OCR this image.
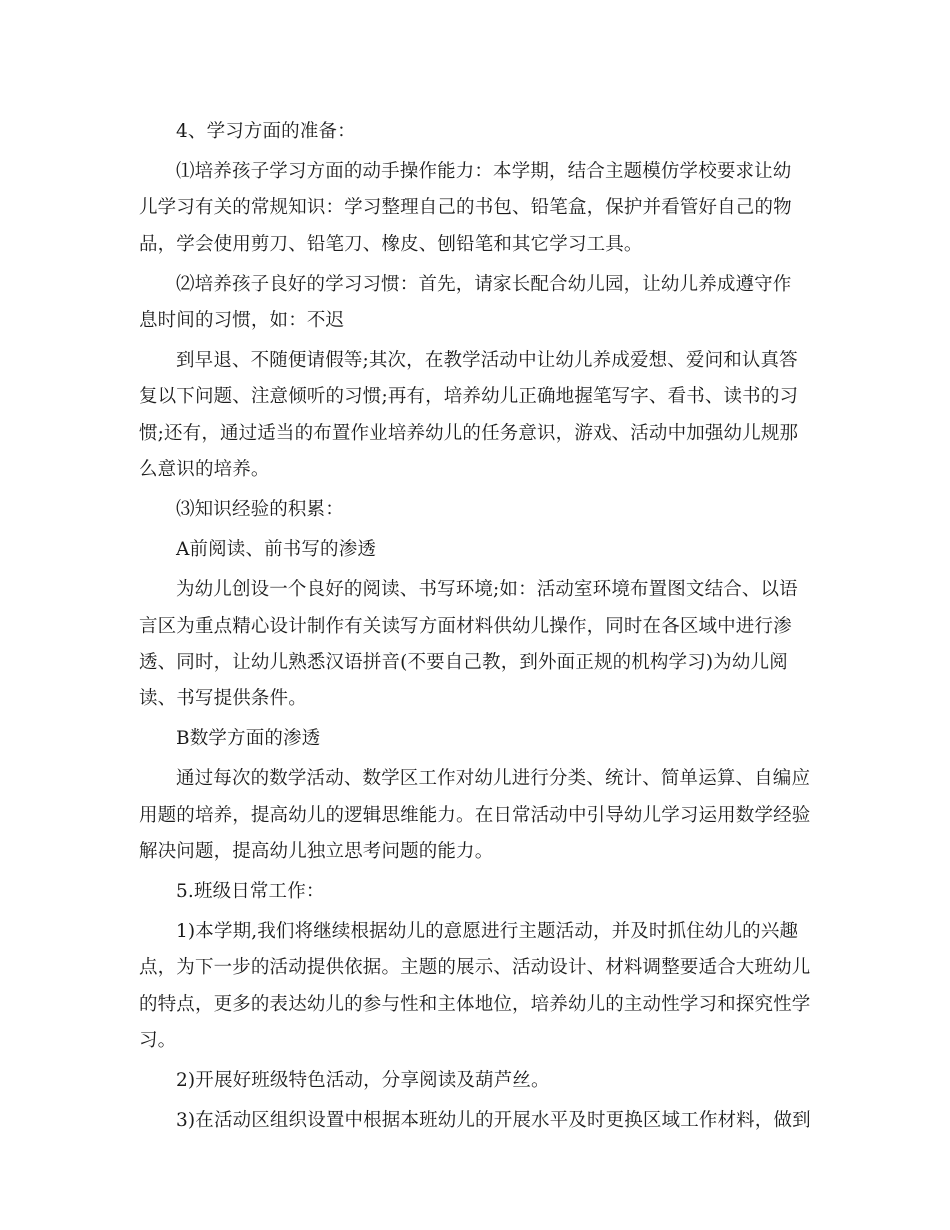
4、学习方面的准备：
⑴培养孩子学习方面的动手操作能力：本学期，结合主题模仿学校要求让幼
儿学习有关的常规知识：学习整理自己的书包、铅笔盒，保护并看管好自己的物
品，学会使用剪刀、铅笔刀、橡皮、刨铅笔和其它学习工具。
⑵培养孩子良好的学习习惯：首先，请家长配合幼儿园，让幼儿养成遵守作
息时间的习惯，如：不迟
到早退、不随便请假等;其次，在教学活动中让幼儿养成爱想、爱问和认真答
复以下问题、注意倾听的习惯;再有，培养幼儿正确地握笔写字、看书、读书的习
惯;还有，通过适当的布置作业培养幼儿的任务意识，游戏、活动中加强幼儿规那
么意识的培养。
⑶知识经验的积累：
A前阅读、前书写的渗透
为幼儿创设一个良好的阅读、书写环境;如：活动室环境布置图文结合、以语
言区为重点精心设计制作有关读写方面材料供幼儿操作，同时在各区域中进行渗
透、同时，让幼儿熟悉汉语拼音(不要自己教，到外面正规的机构学习)为幼儿阅
读、书写提供条件。
B数学方面的渗透
通过每次的数学活动、数学区工作对幼儿进行分类、统计、简单运算、自编应
用题的培养，提高幼儿的逻辑思维能力。在日常活动中引导幼儿学习运用数学经验
解决问题，提高幼儿独立思考问题的能力。
5.班级日常工作：
1)本学期,我们将继续根据幼儿的意愿进行主题活动，并及时抓住幼儿的兴趣
点，为下一步的活动提供依据。主题的展示、活动设计、材料调整要适合大班幼儿
的特点，更多的表达幼儿的参与性和主体地位，培养幼儿的主动性学习和探究性学
习。
2)开展好班级特色活动，分享阅读及葫芦丝。
3)在活动区组织设置中根据本班幼儿的开展水平及时更换区域工作材料，做到
